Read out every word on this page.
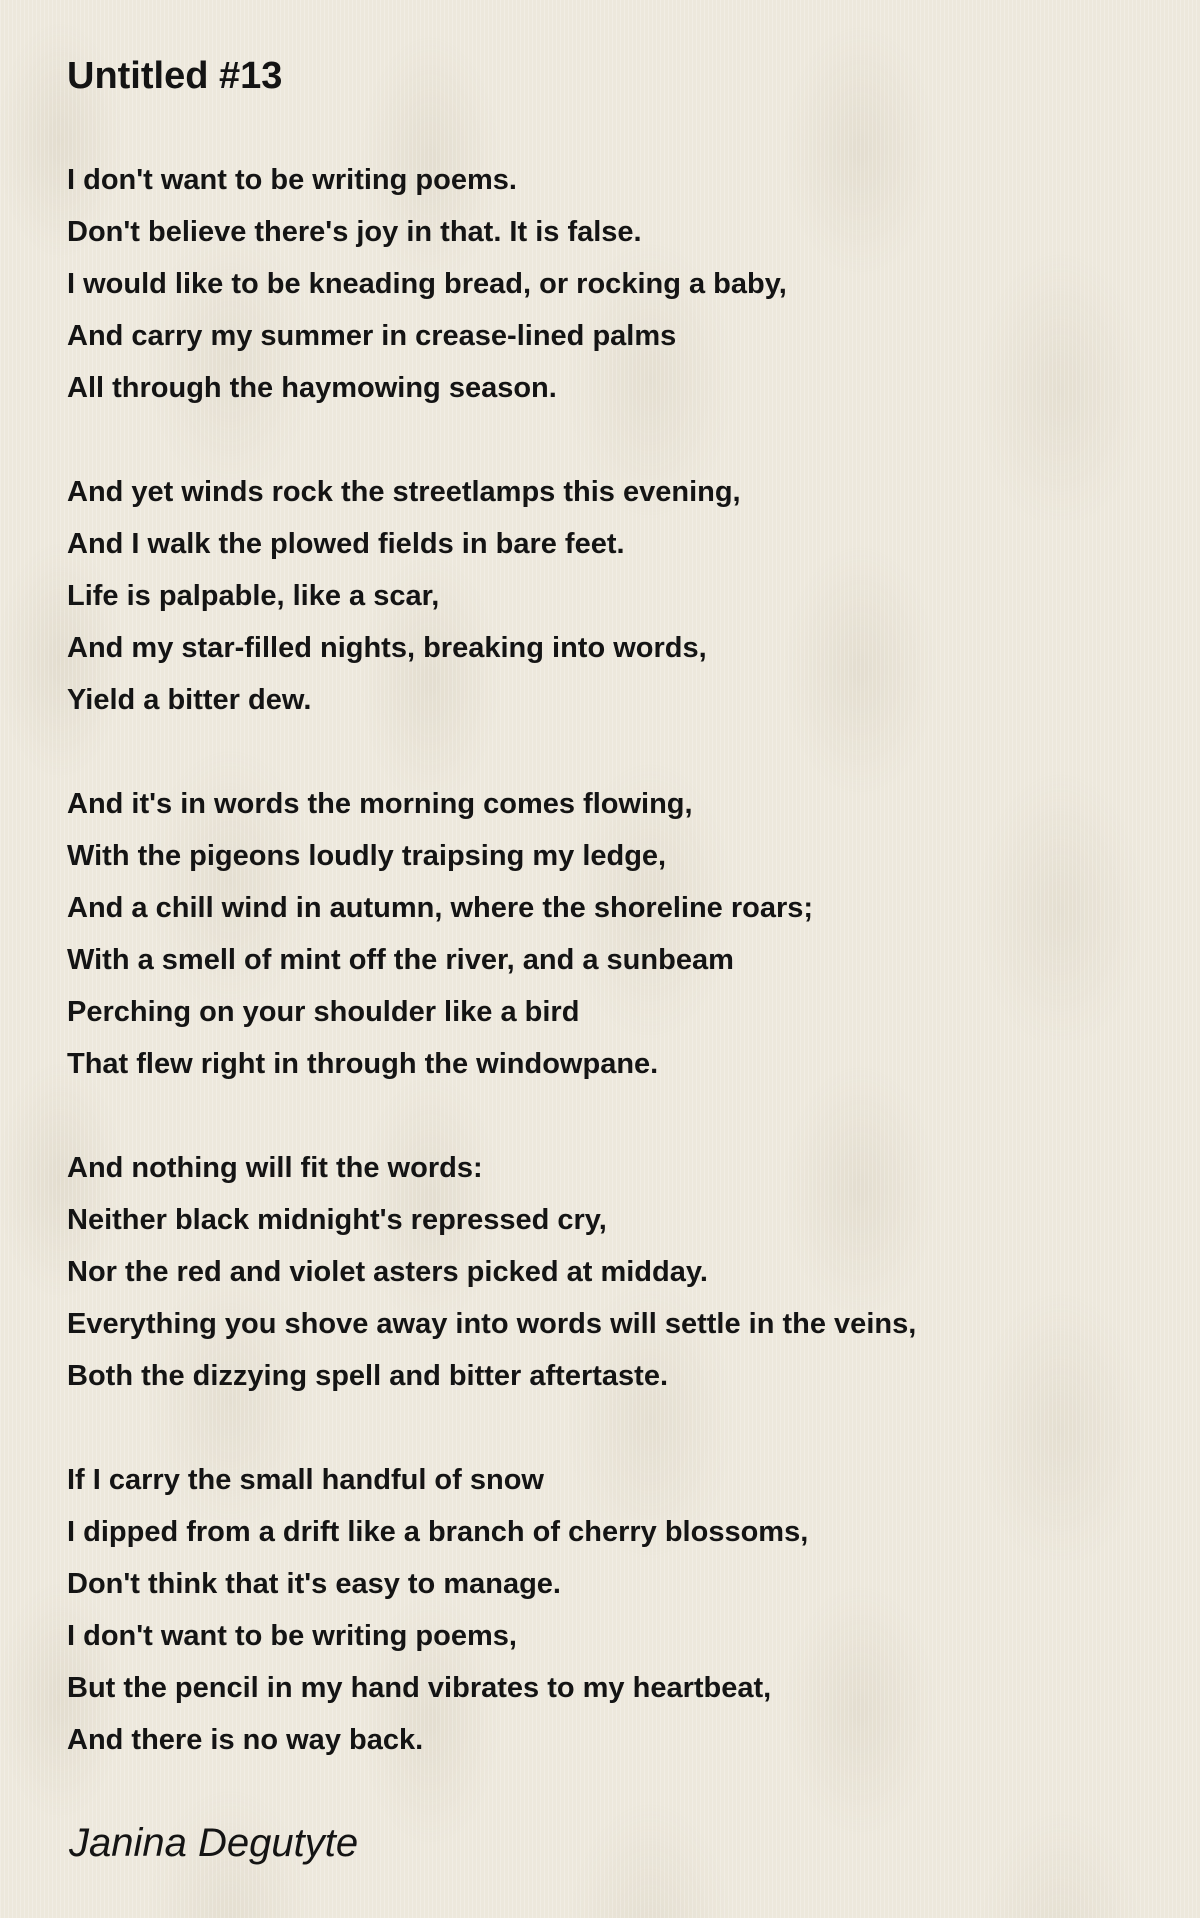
Untitled #13
I don't want to be writing poems.
Don't believe there's joy in that. It is false.
I would like to be kneading bread, or rocking a baby,
And carry my summer in crease-lined palms
All through the haymowing season.
And yet winds rock the streetlamps this evening,
And I walk the plowed fields in bare feet.
Life is palpable, like a scar,
And my star-filled nights, breaking into words,
Yield a bitter dew.
And it's in words the morning comes flowing,
With the pigeons loudly traipsing my ledge,
And a chill wind in autumn, where the shoreline roars;
With a smell of mint off the river, and a sunbeam
Perching on your shoulder like a bird
That flew right in through the windowpane.
And nothing will fit the words:
Neither black midnight's repressed cry,
Nor the red and violet asters picked at midday.
Everything you shove away into words will settle in the veins,
Both the dizzying spell and bitter aftertaste.
If I carry the small handful of snow
I dipped from a drift like a branch of cherry blossoms,
Don't think that it's easy to manage.
I don't want to be writing poems,
But the pencil in my hand vibrates to my heartbeat,
And there is no way back.
Janina Degutyte
